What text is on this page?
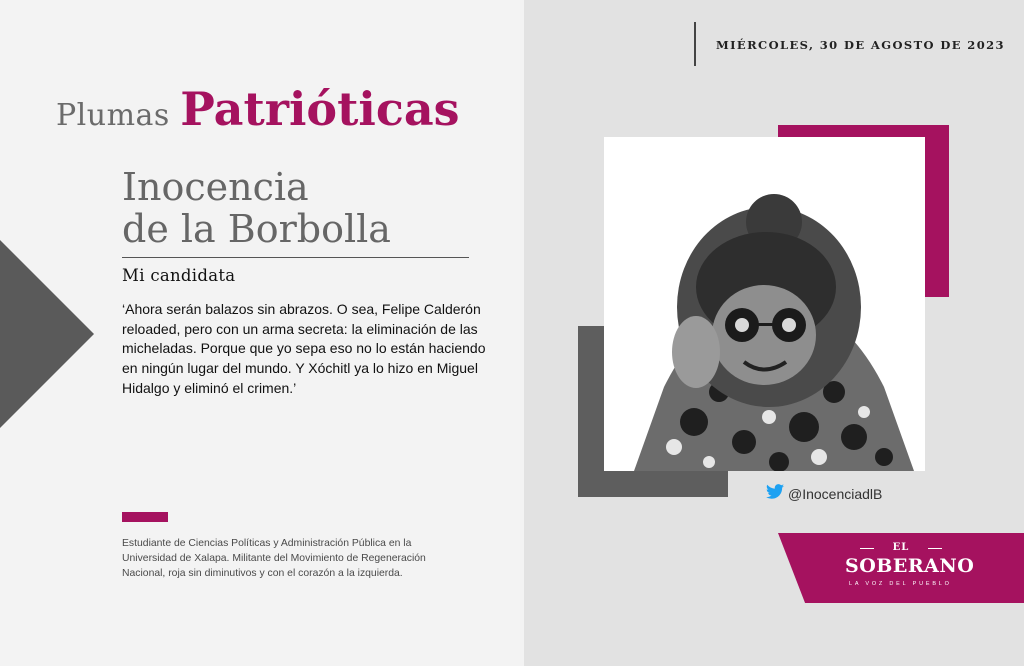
Plumas Patrióticas
Inocencia
de la Borbolla
Mi candidata
‘Ahora serán balazos sin abrazos. O sea, Felipe Calderón reloaded, pero con un arma secreta: la eliminación de las micheladas. Porque que yo sepa eso no lo están haciendo en ningún lugar del mundo. Y Xóchitl ya lo hizo en Miguel Hidalgo y eliminó el crimen.’
Estudiante de Ciencias Políticas y Administración Pública en la Universidad de Xalapa. Militante del Movimiento de Regeneración Nacional, roja sin diminutivos y con el corazón a la izquierda.
MIÉRCOLES, 30 DE AGOSTO DE 2023
@InocenciadlB
EL
SOBERANO
LA VOZ DEL PUEBLO
